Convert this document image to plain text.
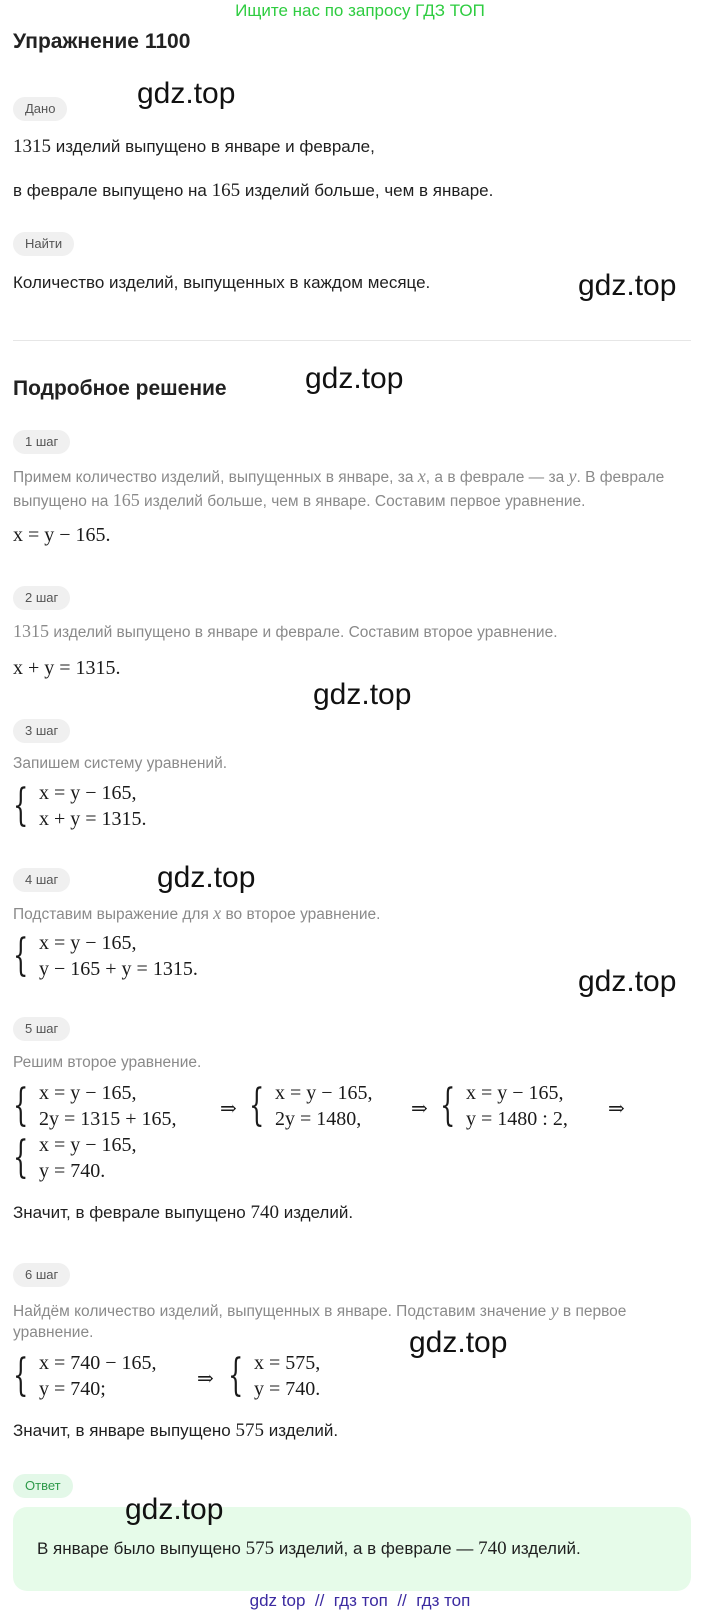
Ищите нас по запросу ГДЗ ТОП
Упражнение 1100
Дано
1315 изделий выпущено в январе и феврале,
в феврале выпущено на 165 изделий больше, чем в январе.
Найти
Количество изделий, выпущенных в каждом месяце.
Подробное решение
1 шаг
Примем количество изделий, выпущенных в январе, за x, а в феврале — за y. В феврале
выпущено на 165 изделий больше, чем в январе. Составим первое уравнение.
x = y − 165.
2 шаг
1315 изделий выпущено в январе и феврале. Составим второе уравнение.
x + y = 1315.
3 шаг
Запишем систему уравнений.
{ x = y − 165,
x + y = 1315.
4 шаг
Подставим выражение для x во второе уравнение.
{ x = y − 165,
y − 165 + y = 1315.
5 шаг
Решим второе уравнение.
{ x = y − 165,
2y = 1315 + 165, ⇒ { x = y − 165,
2y = 1480,	⇒ { x = y − 165,
y = 1480 : 2, ⇒
{ x = y − 165,
y = 740.
Значит, в феврале выпущено 740 изделий.
6 шаг
Найдём количество изделий, выпущенных в январе. Подставим значение y в первое
уравнение.
{ x = 740 − 165,
y = 740;	⇒ { x = 575,
y = 740.
Значит, в январе выпущено 575 изделий.
Ответ
В январе было выпущено 575 изделий, а в феврале — 740 изделий.
gdz top  //  гдз топ  //  гдз топ
gdz.top
gdz.top
gdz.top
gdz.top
gdz.top
gdz.top
gdz.top
gdz.top
